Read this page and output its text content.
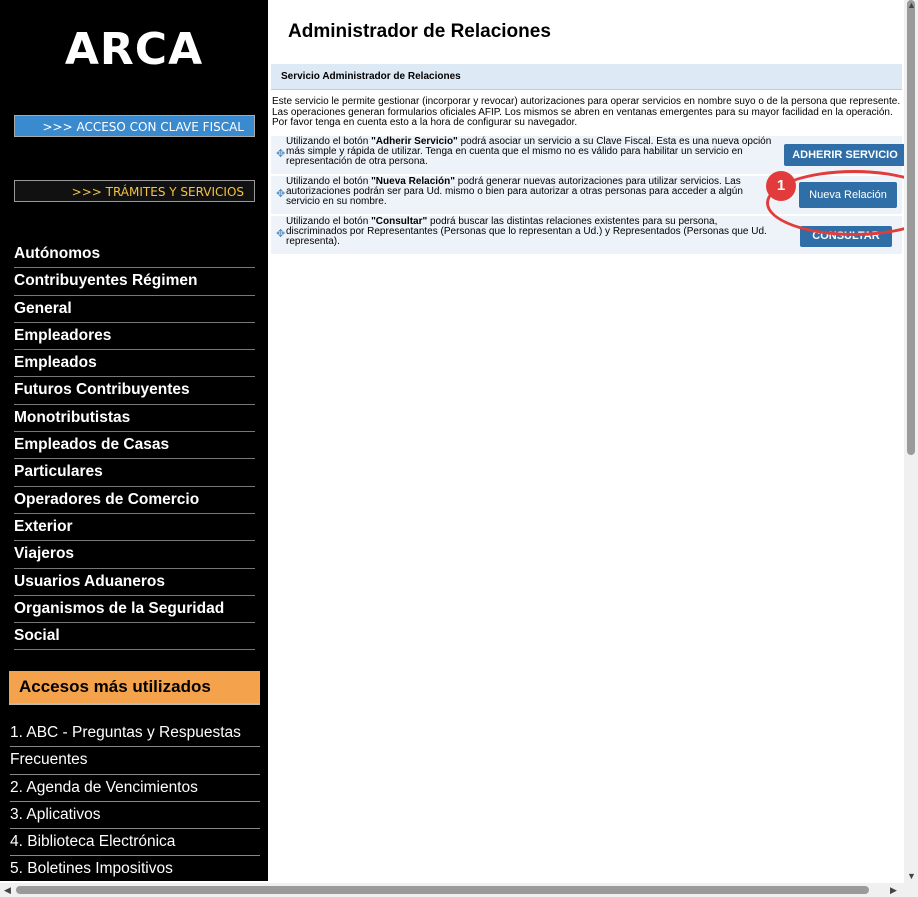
ARCA
>>> ACCESO CON CLAVE FISCAL
>>> TRÁMITES Y SERVICIOS
Autónomos
Contribuyentes Régimen
General
Empleadores
Empleados
Futuros Contribuyentes
Monotributistas
Empleados de Casas
Particulares
Operadores de Comercio
Exterior
Viajeros
Usuarios Aduaneros
Organismos de la Seguridad
Social
Accesos más utilizados
1. ABC - Preguntas y Respuestas
Frecuentes
2. Agenda de Vencimientos
3. Aplicativos
4. Biblioteca Electrónica
5. Boletines Impositivos
Administrador de Relaciones
Servicio Administrador de Relaciones
Este servicio le permite gestionar (incorporar y revocar) autorizaciones para operar servicios en nombre suyo o de la persona que represente. Las operaciones generan formularios oficiales AFIP. Los mismos se abren en ventanas emergentes para su mayor facilidad en la operación. Por favor tenga en cuenta esto a la hora de configurar su navegador.
✥
Utilizando el botón "Adherir Servicio" podrá asociar un servicio a su Clave Fiscal. Esta es una nueva opción más simple y rápida de utilizar. Tenga en cuenta que el mismo no es válido para habilitar un servicio en representación de otra persona.
ADHERIR SERVICIO
✥
Utilizando el botón "Nueva Relación" podrá generar nuevas autorizaciones para utilizar servicios. Las autorizaciones podrán ser para Ud. mismo o bien para autorizar a otras personas para acceder a algún servicio en su nombre.
Nueva Relación
✥
Utilizando el botón "Consultar" podrá buscar las distintas relaciones existentes para su persona, discriminados por Representantes (Personas que lo representan a Ud.) y Representados (Personas que Ud. representa).	CONSULTAR
1
▲
▼
◀	▶
